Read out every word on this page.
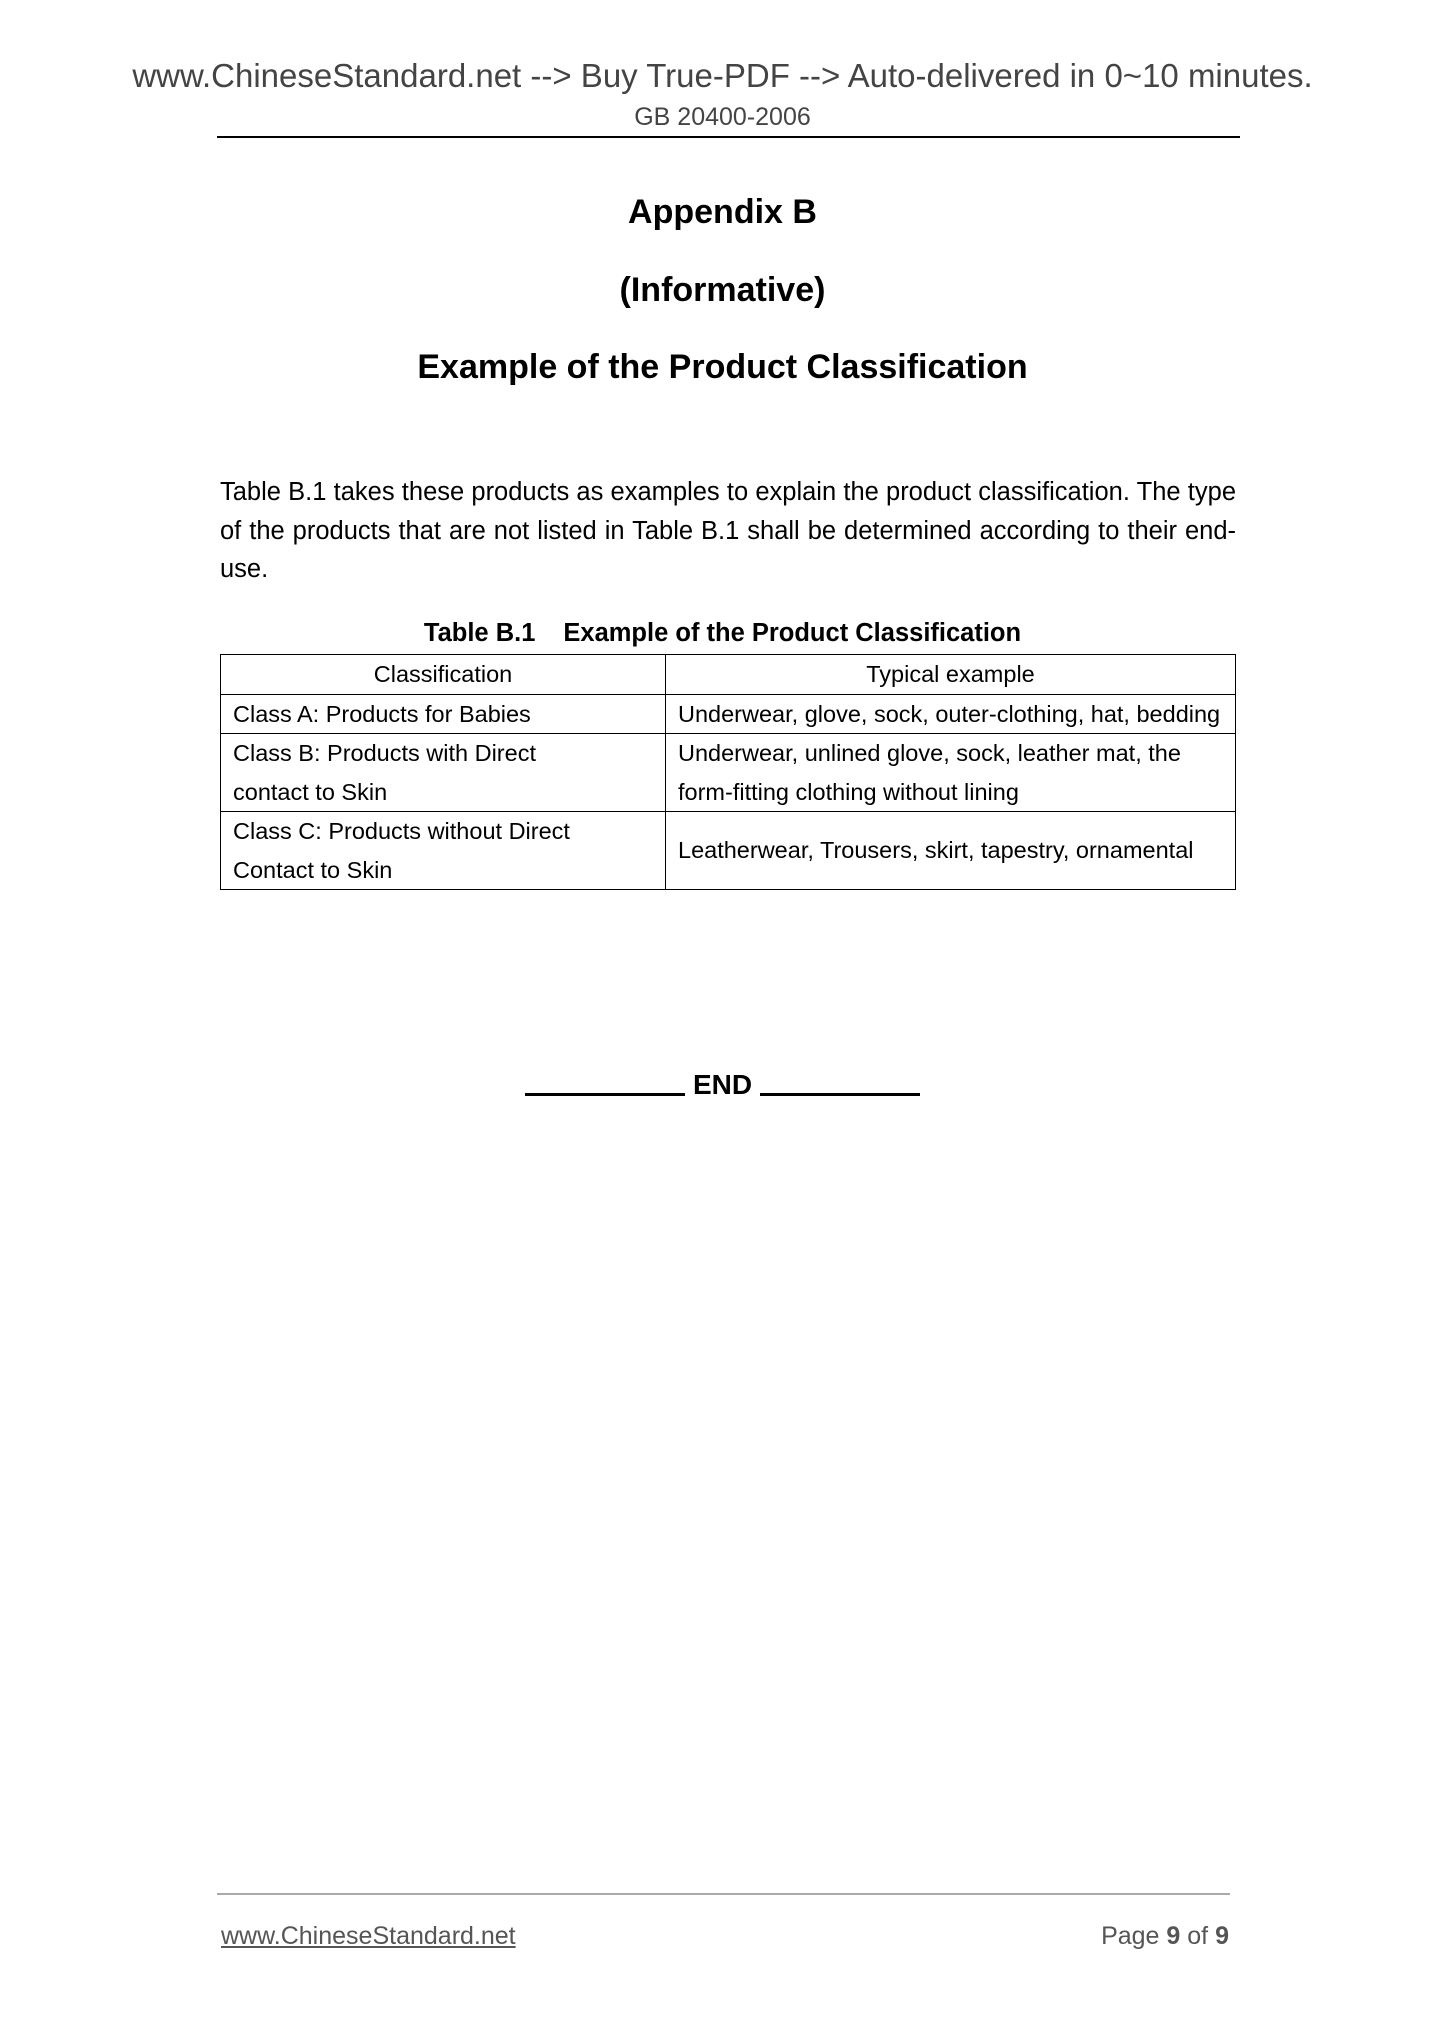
www.ChineseStandard.net --> Buy True-PDF --> Auto-delivered in 0~10 minutes.
GB 20400-2006
Appendix B
(Informative)
Example of the Product Classification

Table B.1 takes these products as examples to explain the product classification. The type of the products that are not listed in Table B.1 shall be determined according to their end-use.

Table B.1 Example of the Product Classification
Classification	Typical example
Class A: Products for Babies	Underwear, glove, sock, outer-clothing, hat, bedding
Class B: Products with Direct contact to Skin	Underwear, unlined glove, sock, leather mat, the form-fitting clothing without lining
Class C: Products without Direct Contact to Skin	Leatherwear, Trousers, skirt, tapestry, ornamental
END
www.ChineseStandard.net	Page 9 of 9
